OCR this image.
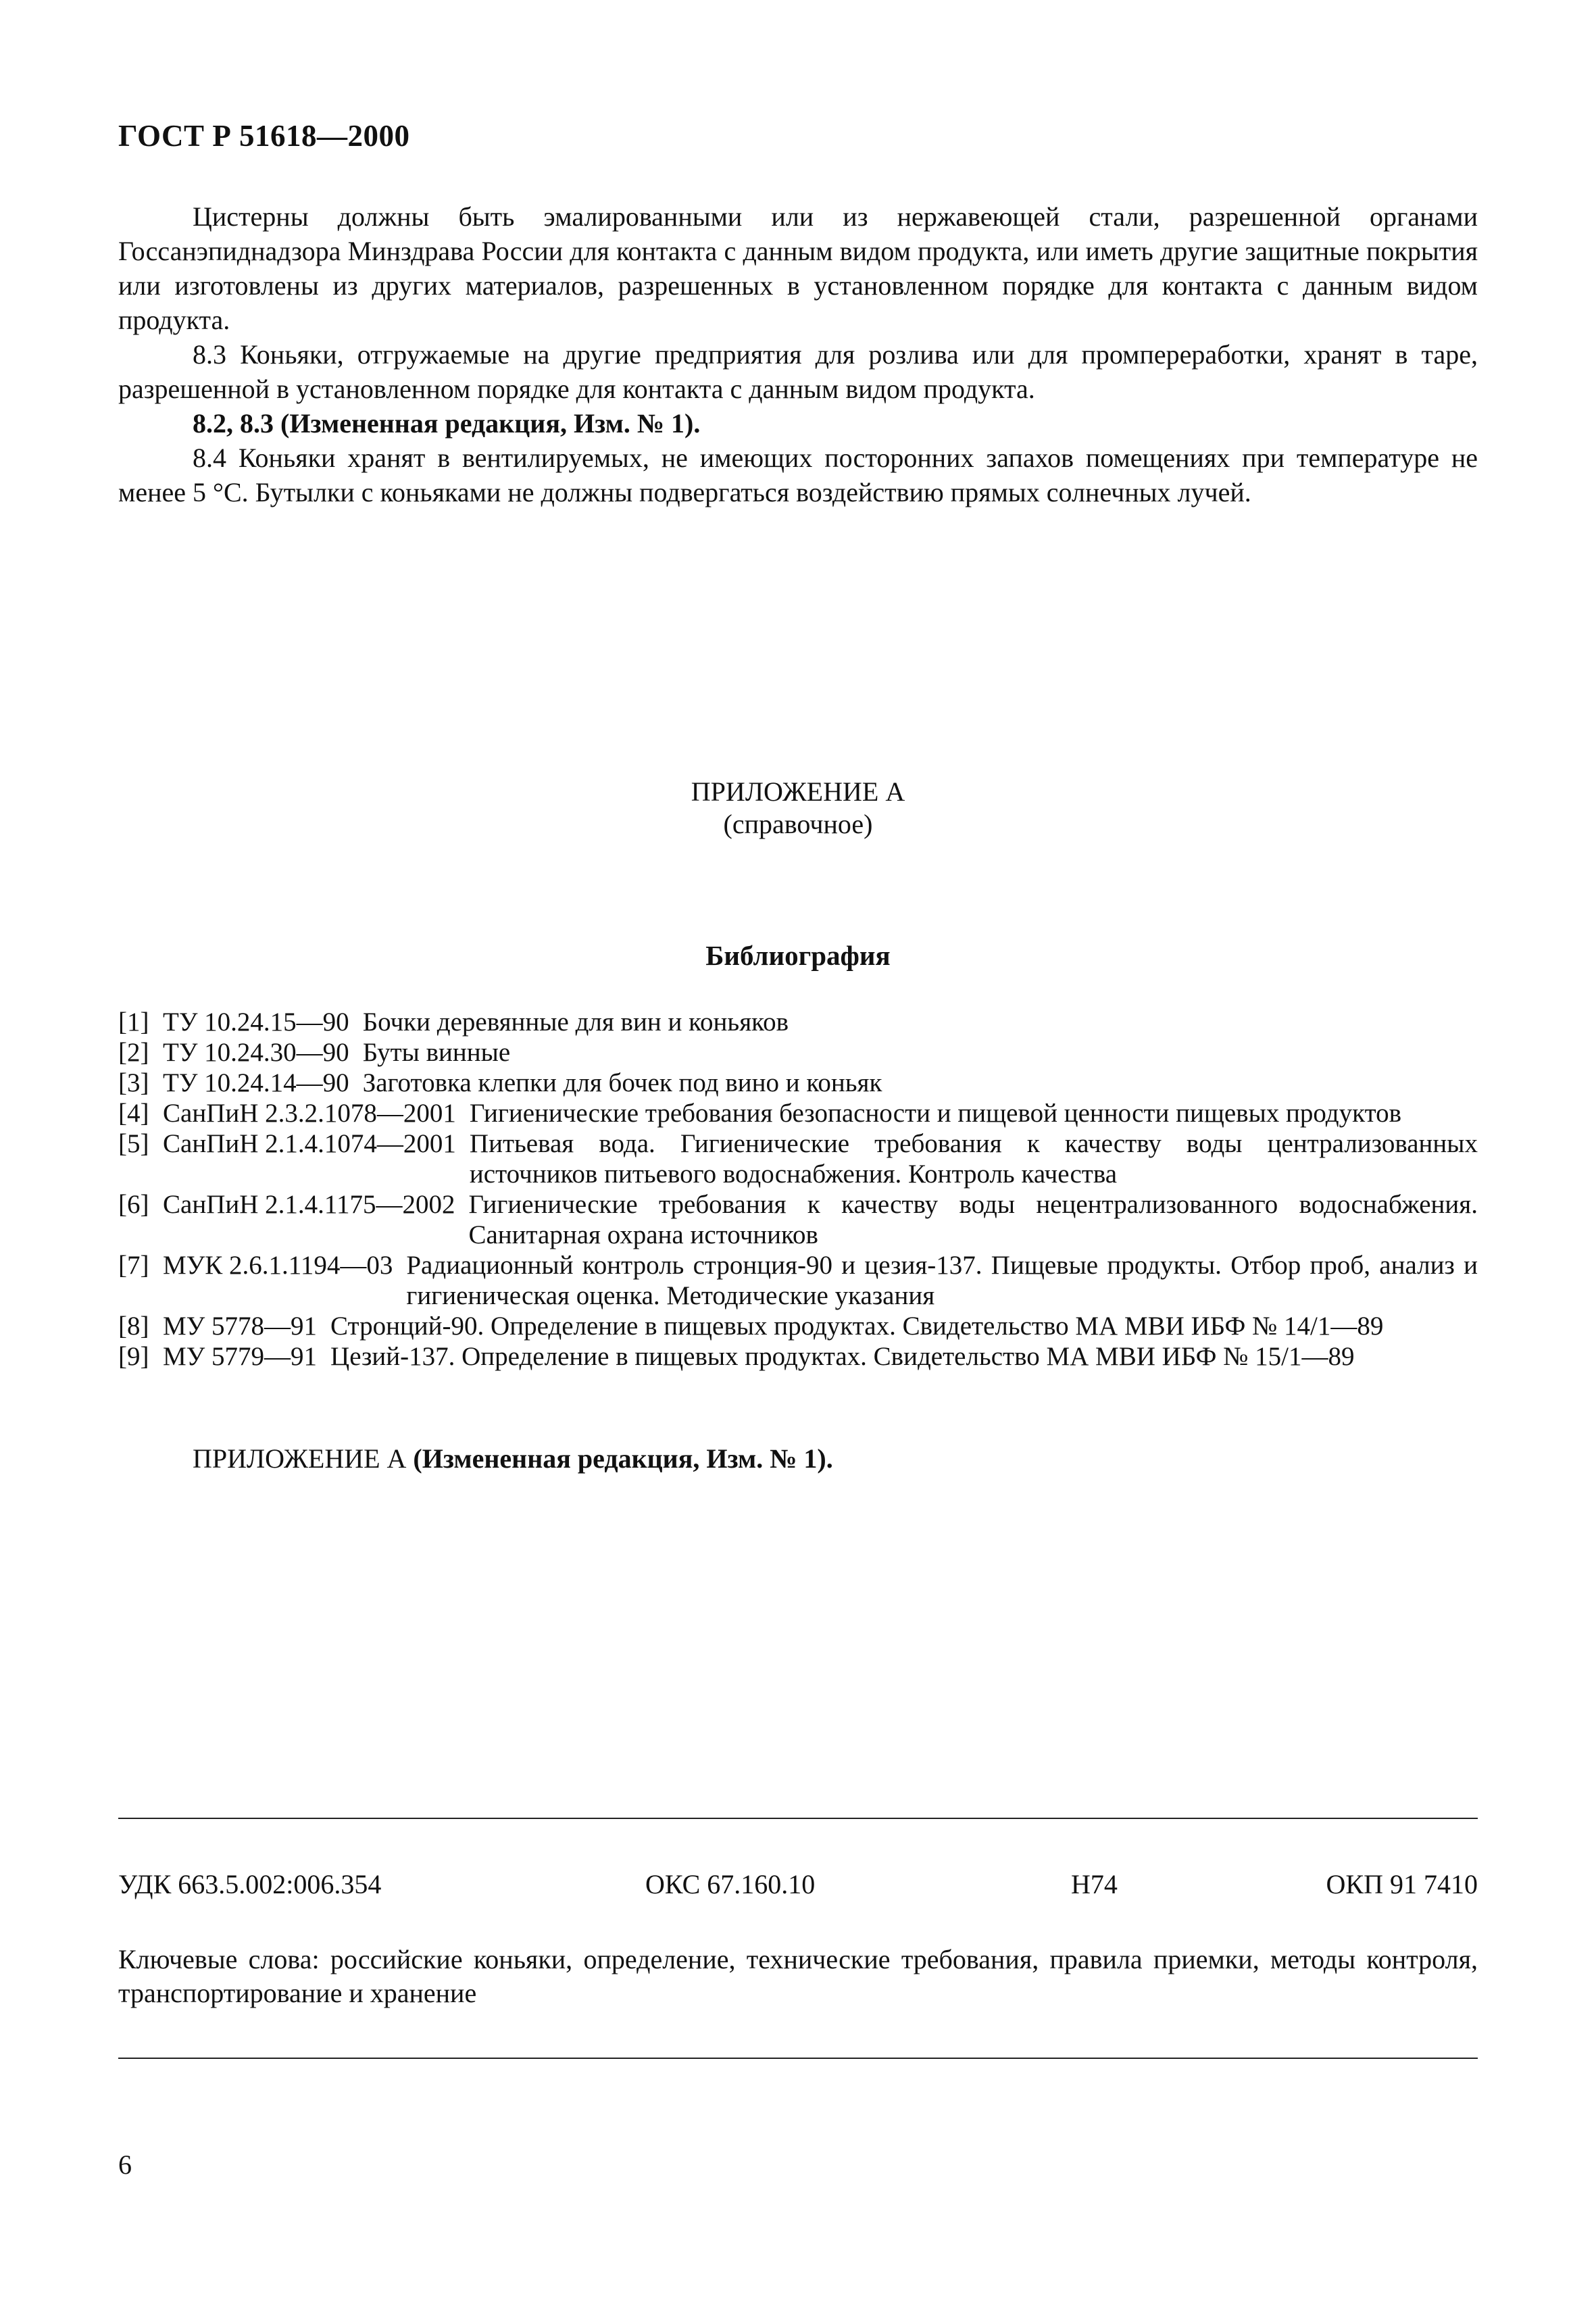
ГОСТ Р 51618—2000

Цистерны должны быть эмалированными или из нержавеющей стали, разрешенной органами Госсанэпиднадзора Минздрава России для контакта с данным видом продукта, или иметь другие защитные покрытия или изготовлены из других материалов, разрешенных в установленном порядке для контакта с данным видом продукта.

8.3 Коньяки, отгружаемые на другие предприятия для розлива или для промпереработки, хранят в таре, разрешенной в установленном порядке для контакта с данным видом продукта.

8.2, 8.3 (Измененная редакция, Изм. № 1).

8.4 Коньяки хранят в вентилируемых, не имеющих посторонних запахов помещениях при температуре не менее 5 °С. Бутылки с коньяками не должны подвергаться воздействию прямых солнечных лучей.

ПРИЛОЖЕНИЕ А
(справочное)
Библиография
[1] ТУ 10.24.15—90 Бочки деревянные для вин и коньяков
[2] ТУ 10.24.30—90 Буты винные
[3] ТУ 10.24.14—90 Заготовка клепки для бочек под вино и коньяк
[4] СанПиН 2.3.2.1078—2001 Гигиенические требования безопасности и пищевой ценности пищевых продуктов
[5] СанПиН 2.1.4.1074—2001 Питьевая вода. Гигиенические требования к качеству воды централизованных источников питьевого водоснабжения. Контроль качества
[6] СанПиН 2.1.4.1175—2002 Гигиенические требования к качеству воды нецентрализованного водоснабжения. Санитарная охрана источников
[7] МУК 2.6.1.1194—03 Радиационный контроль стронция-90 и цезия-137. Пищевые продукты. Отбор проб, анализ и гигиеническая оценка. Методические указания
[8] МУ 5778—91 Стронций-90. Определение в пищевых продуктах. Свидетельство МА МВИ ИБФ № 14/1—89
[9] МУ 5779—91 Цезий-137. Определение в пищевых продуктах. Свидетельство МА МВИ ИБФ № 15/1—89
ПРИЛОЖЕНИЕ А (Измененная редакция, Изм. № 1).
УДК 663.5.002:006.354	ОКС 67.160.10	Н74	ОКП 91 7410
Ключевые слова: российские коньяки, определение, технические требования, правила приемки, методы контроля, транспортирование и хранение
6
